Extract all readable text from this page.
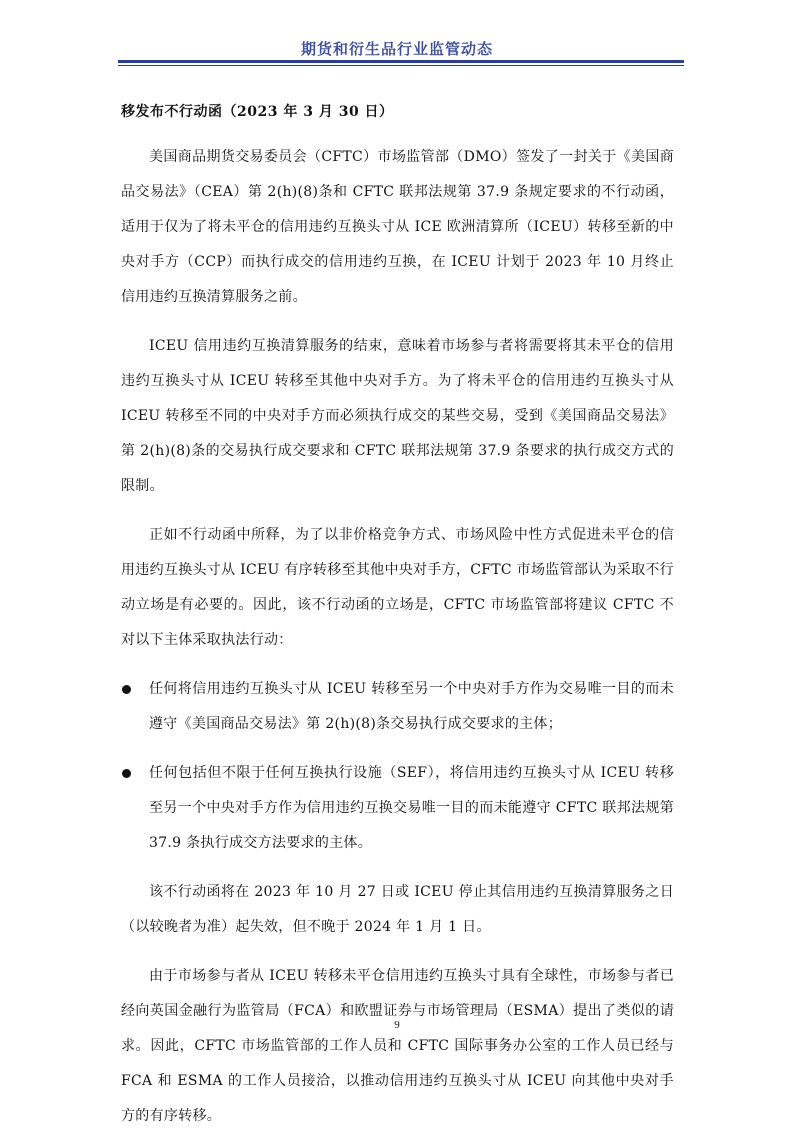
期货和衍生品行业监管动态
移发布不行动函（2023 年 3 月 30 日）

美国商品期货交易委员会（CFTC）市场监管部（DMO）签发了一封关于《美国商品交易法》（CEA）第 2(h)(8)条和 CFTC 联邦法规第 37.9 条规定要求的不行动函，适用于仅为了将未平仓的信用违约互换头寸从 ICE 欧洲清算所（ICEU）转移至新的中央对手方（CCP）而执行成交的信用违约互换，在 ICEU 计划于 2023 年 10 月终止信用违约互换清算服务之前。

ICEU 信用违约互换清算服务的结束，意味着市场参与者将需要将其未平仓的信用违约互换头寸从 ICEU 转移至其他中央对手方。为了将未平仓的信用违约互换头寸从 ICEU 转移至不同的中央对手方而必须执行成交的某些交易，受到《美国商品交易法》第 2(h)(8)条的交易执行成交要求和 CFTC 联邦法规第 37.9 条要求的执行成交方式的限制。

正如不行动函中所释，为了以非价格竞争方式、市场风险中性方式促进未平仓的信用违约互换头寸从 ICEU 有序转移至其他中央对手方，CFTC 市场监管部认为采取不行动立场是有必要的。因此，该不行动函的立场是，CFTC 市场监管部将建议 CFTC 不对以下主体采取执法行动：

任何将信用违约互换头寸从 ICEU 转移至另一个中央对手方作为交易唯一目的而未遵守《美国商品交易法》第 2(h)(8)条交易执行成交要求的主体；
任何包括但不限于任何互换执行设施（SEF），将信用违约互换头寸从 ICEU 转移至另一个中央对手方作为信用违约互换交易唯一目的而未能遵守 CFTC 联邦法规第 37.9 条执行成交方法要求的主体。

该不行动函将在 2023 年 10 月 27 日或 ICEU 停止其信用违约互换清算服务之日（以较晚者为准）起失效，但不晚于 2024 年 1 月 1 日。

由于市场参与者从 ICEU 转移未平仓信用违约互换头寸具有全球性，市场参与者已经向英国金融行为监管局（FCA）和欧盟证券与市场管理局（ESMA）提出了类似的请求。因此，CFTC 市场监管部的工作人员和 CFTC 国际事务办公室的工作人员已经与 FCA 和 ESMA 的工作人员接洽，以推动信用违约互换头寸从 ICEU 向其他中央对手方的有序转移。

9
